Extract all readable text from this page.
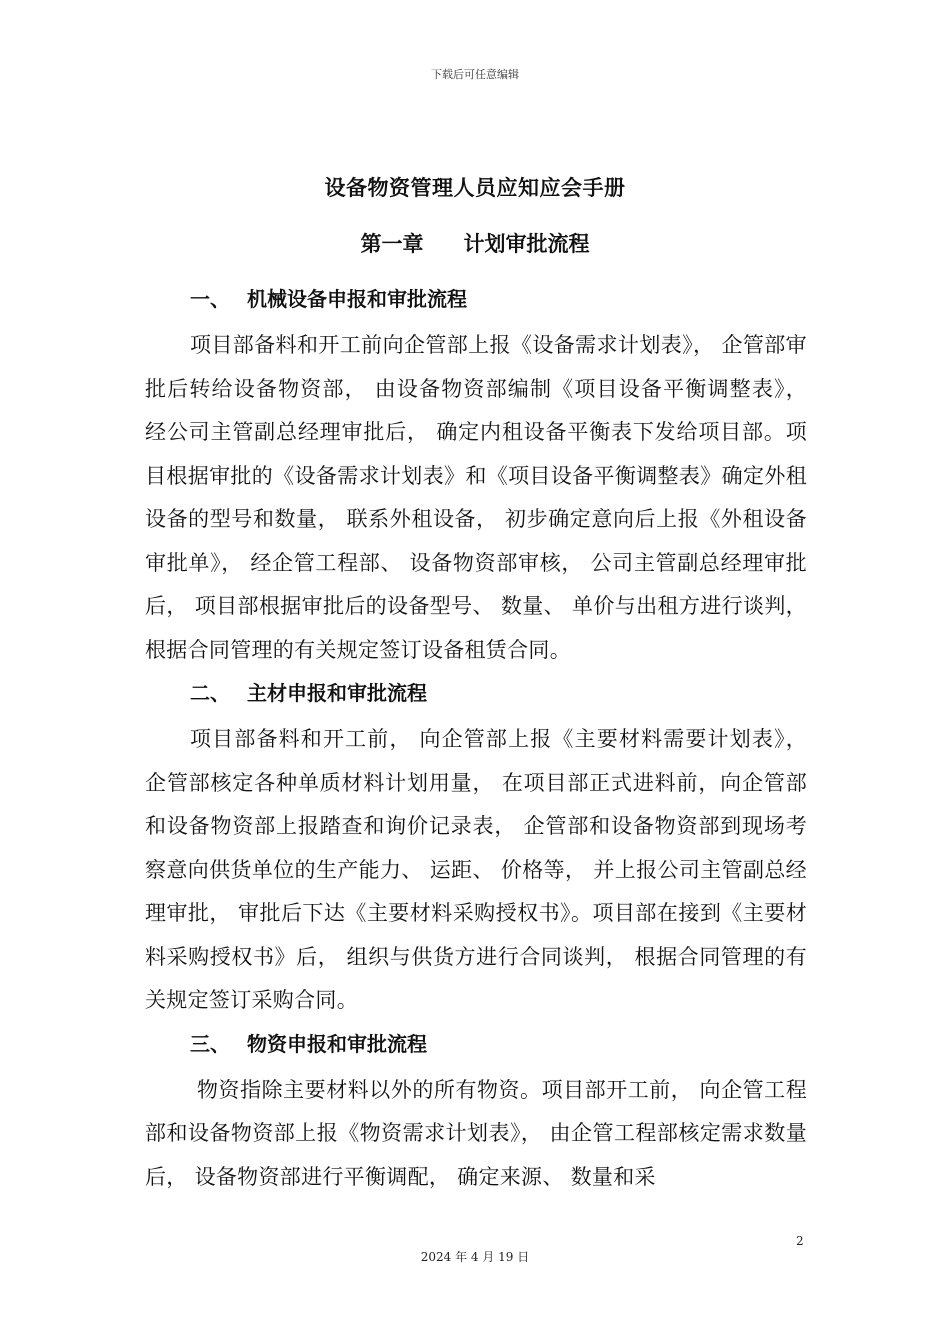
下载后可任意编辑
设备物资管理人员应知应会手册
第一章 计划审批流程
一、 机械设备申报和审批流程

项目部备料和开工前向企管部上报《设备需求计划表》， 企管部审批后转给设备物资部， 由设备物资部编制《项目设备平衡调整表》， 经公司主管副总经理审批后， 确定内租设备平衡表下发给项目部。项目根据审批的《设备需求计划表》和《项目设备平衡调整表》确定外租设备的型号和数量， 联系外租设备， 初步确定意向后上报《外租设备审批单》， 经企管工程部、 设备物资部审核， 公司主管副总经理审批后， 项目部根据审批后的设备型号、 数量、 单价与出租方进行谈判， 根据合同管理的有关规定签订设备租赁合同。

二、 主材申报和审批流程

项目部备料和开工前， 向企管部上报《主要材料需要计划表》， 企管部核定各种单质材料计划用量， 在项目部正式进料前，向企管部和设备物资部上报踏查和询价记录表， 企管部和设备物资部到现场考察意向供货单位的生产能力、 运距、 价格等， 并上报公司主管副总经理审批， 审批后下达《主要材料采购授权书》。项目部在接到《主要材料采购授权书》后， 组织与供货方进行合同谈判， 根据合同管理的有关规定签订采购合同。

三、 物资申报和审批流程

物资指除主要材料以外的所有物资。项目部开工前， 向企管工程部和设备物资部上报《物资需求计划表》， 由企管工程部核定需求数量后， 设备物资部进行平衡调配， 确定来源、 数量和采

2
2024 年 4 月 19 日
